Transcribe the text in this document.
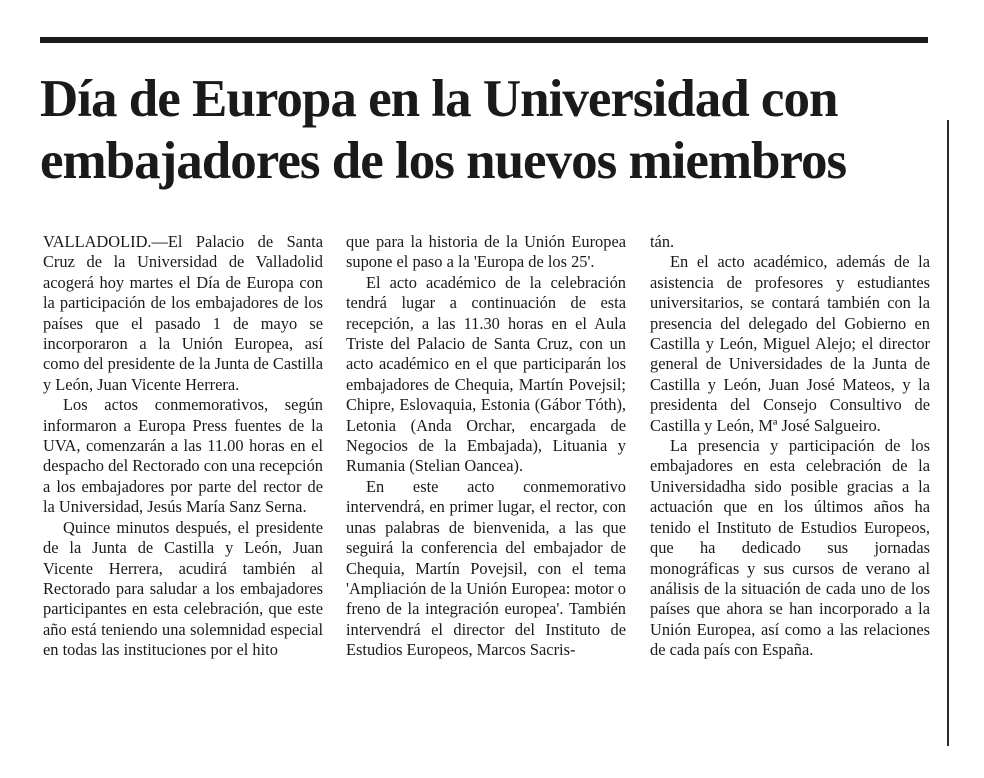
Día de Europa en la Universidad con
embajadores de los nuevos miembros

VALLADOLID.—El Palacio de Santa Cruz de la Universidad de Valladolid acogerá hoy martes el Día de Europa con la participación de los embajadores de los países que el pasado 1 de mayo se incorporaron a la Unión Europea, así como del presidente de la Junta de Castilla y León, Juan Vicente Herrera.

Los actos conmemorativos, según informaron a Europa Press fuentes de la UVA, comenzarán a las 11.00 horas en el despacho del Rectorado con una recepción a los embajadores por parte del rector de la Universidad, Jesús María Sanz Serna.

Quince minutos después, el presidente de la Junta de Castilla y León, Juan Vicente Herrera, acudirá también al Rectorado para saludar a los embajadores participantes en esta celebración, que este año está teniendo una solemnidad especial en todas las instituciones por el hito

que para la historia de la Unión Europea supone el paso a la 'Europa de los 25'.

El acto académico de la celebración tendrá lugar a continuación de esta recepción, a las 11.30 horas en el Aula Triste del Palacio de Santa Cruz, con un acto académico en el que participarán los embajadores de Chequia, Martín Povejsil; Chipre, Eslovaquia, Estonia (Gábor Tóth), Letonia (Anda Orchar, encargada de Negocios de la Embajada), Lituania y Rumania (Stelian Oancea).

En este acto conmemorativo intervendrá, en primer lugar, el rector, con unas palabras de bienvenida, a las que seguirá la conferencia del embajador de Chequia, Martín Povejsil, con el tema 'Ampliación de la Unión Europea: motor o freno de la integración europea'. También intervendrá el director del Instituto de Estudios Europeos, Marcos Sacris-

tán.

En el acto académico, además de la asistencia de profesores y estudiantes universitarios, se contará también con la presencia del delegado del Gobierno en Castilla y León, Miguel Alejo; el director general de Universidades de la Junta de Castilla y León, Juan José Mateos, y la presidenta del Consejo Consultivo de Castilla y León, Mª José Salgueiro.

La presencia y participación de los embajadores en esta celebración de la Universidadha sido posible gracias a la actuación que en los últimos años ha tenido el Instituto de Estudios Europeos, que ha dedicado sus jornadas monográficas y sus cursos de verano al análisis de la situación de cada uno de los países que ahora se han incorporado a la Unión Europea, así como a las relaciones de cada país con España.
